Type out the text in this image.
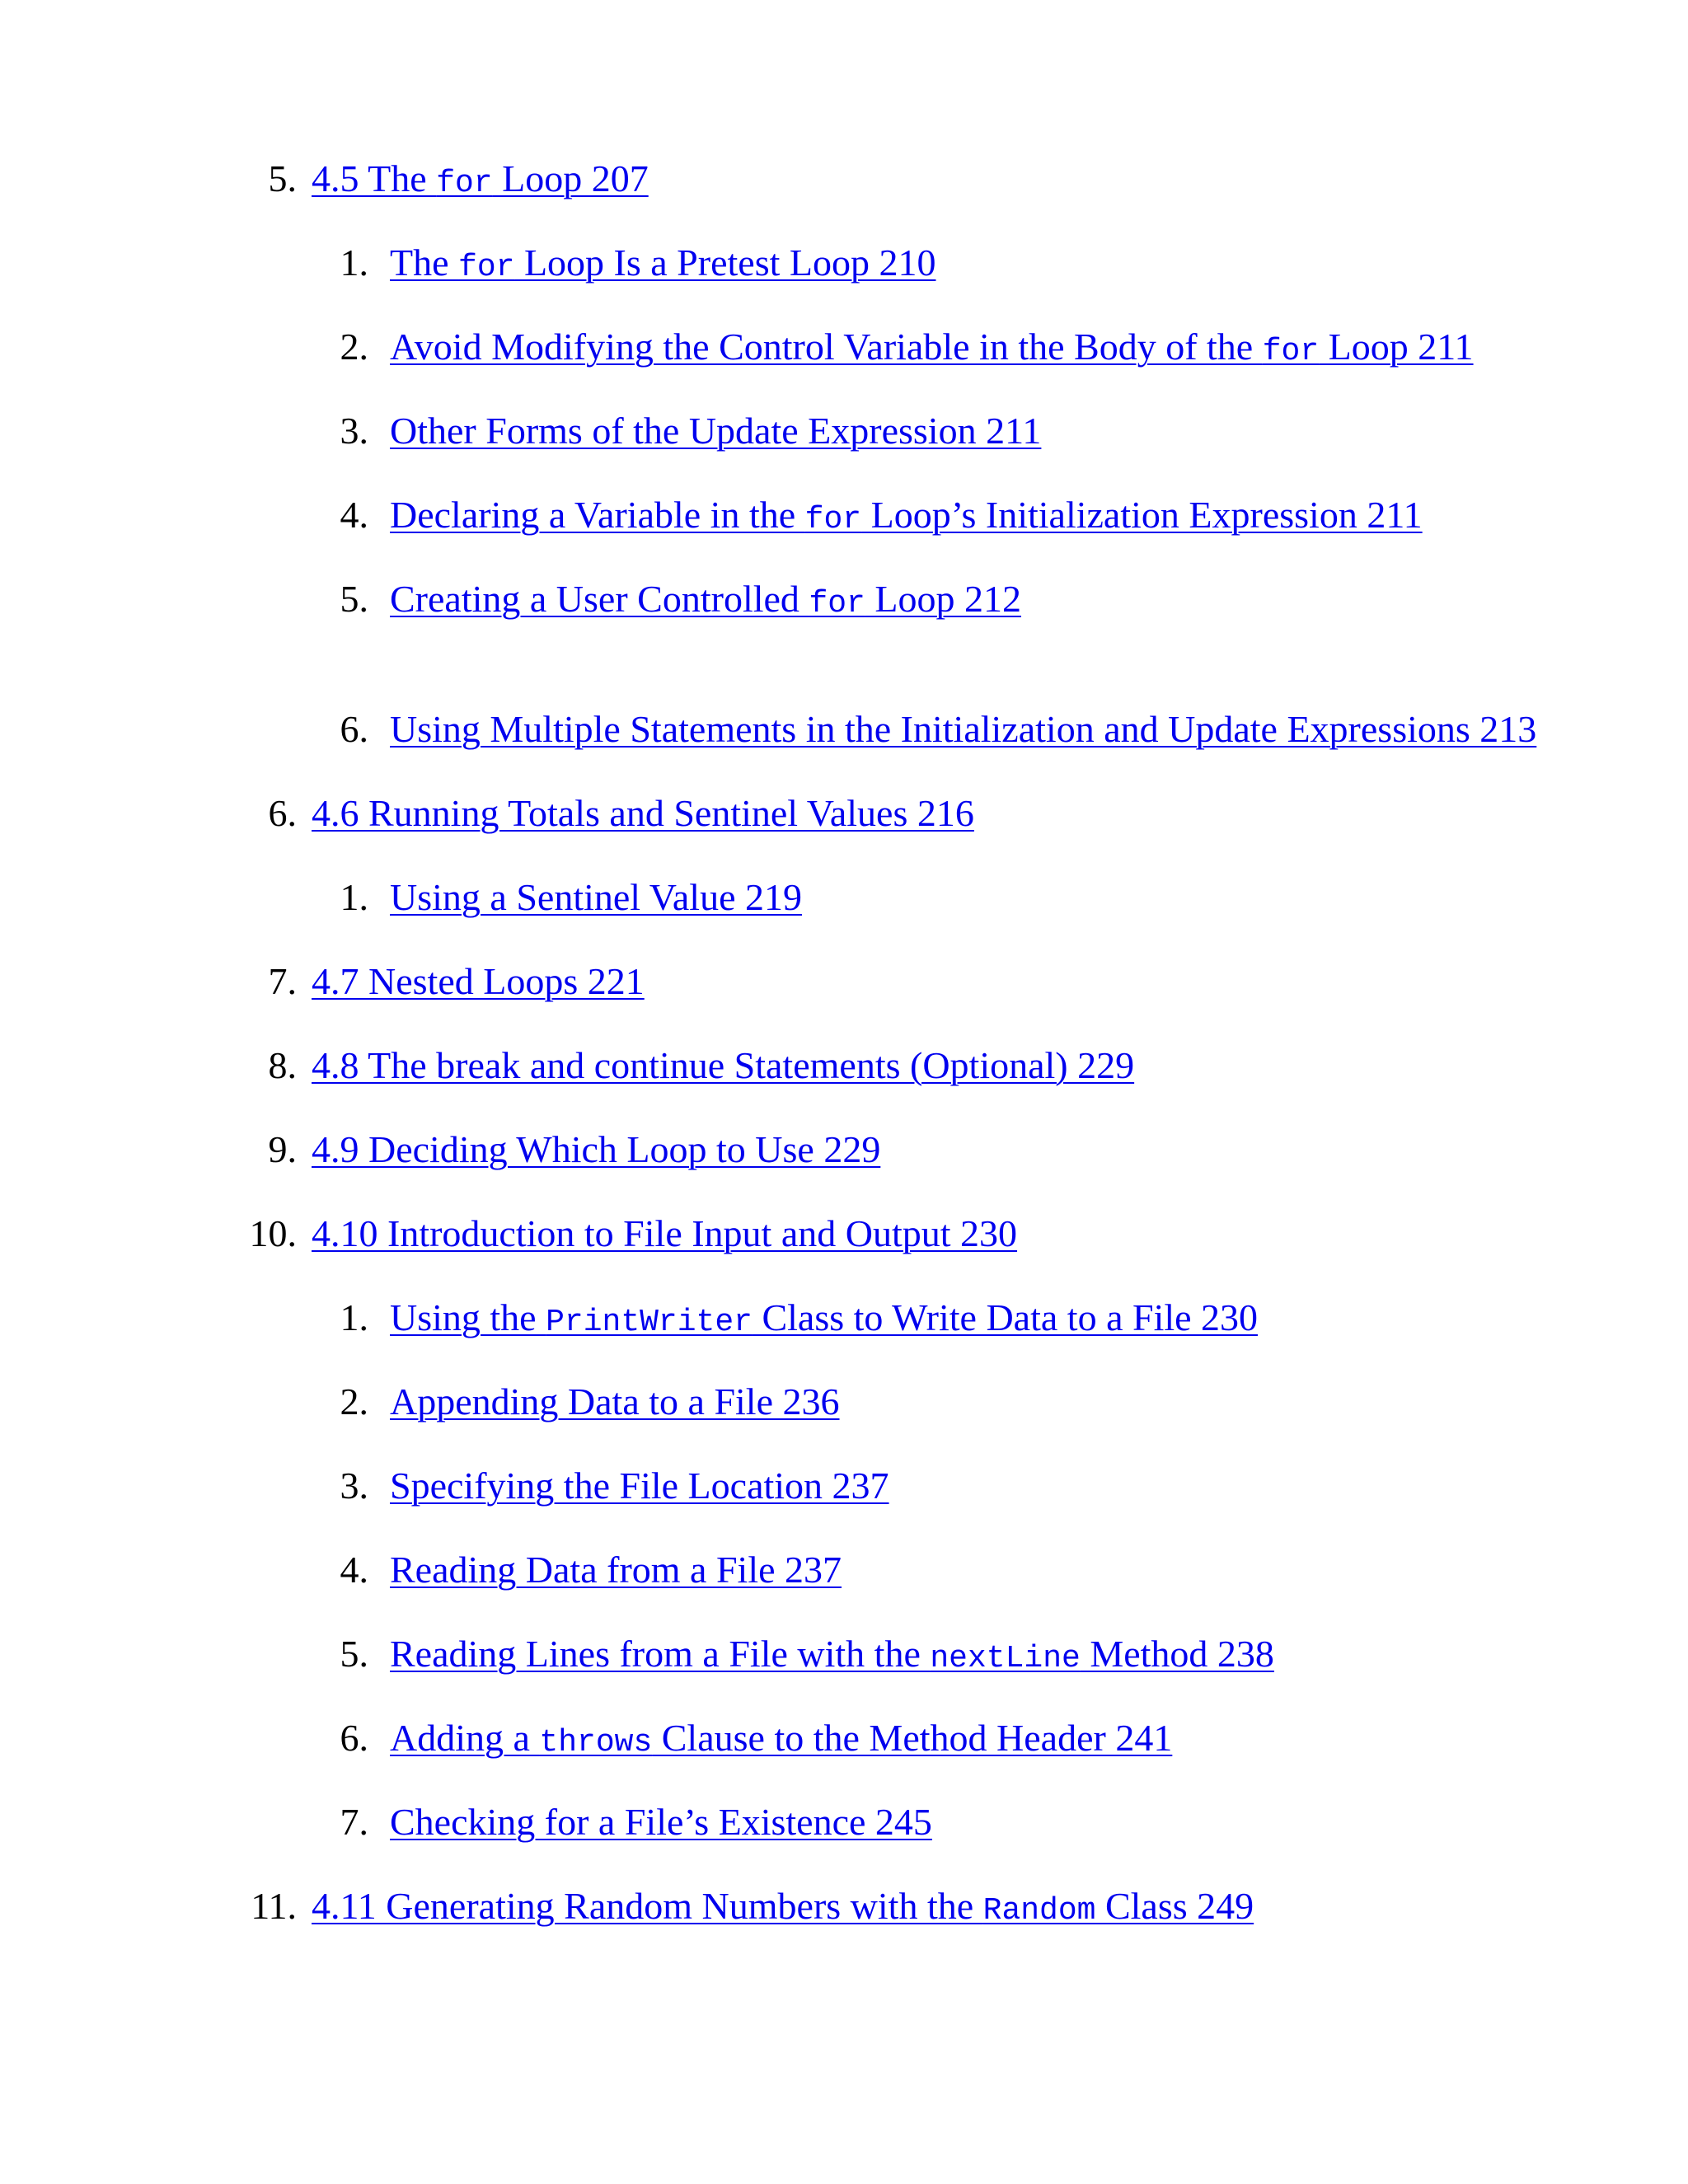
5. 4.5 The for Loop 207
1. The for Loop Is a Pretest Loop 210
2. Avoid Modifying the Control Variable in the Body of the for Loop 211
3. Other Forms of the Update Expression 211
4. Declaring a Variable in the for Loop’s Initialization Expression 211
5. Creating a User Controlled for Loop 212
6. Using Multiple Statements in the Initialization and Update Expressions 213
6. 4.6 Running Totals and Sentinel Values 216
1. Using a Sentinel Value 219
7. 4.7 Nested Loops 221
8. 4.8 The break and continue Statements (Optional) 229
9. 4.9 Deciding Which Loop to Use 229
10. 4.10 Introduction to File Input and Output 230
1. Using the PrintWriter Class to Write Data to a File 230
2. Appending Data to a File 236
3. Specifying the File Location 237
4. Reading Data from a File 237
5. Reading Lines from a File with the nextLine Method 238
6. Adding a throws Clause to the Method Header 241
7. Checking for a File’s Existence 245
11. 4.11 Generating Random Numbers with the Random Class 249
